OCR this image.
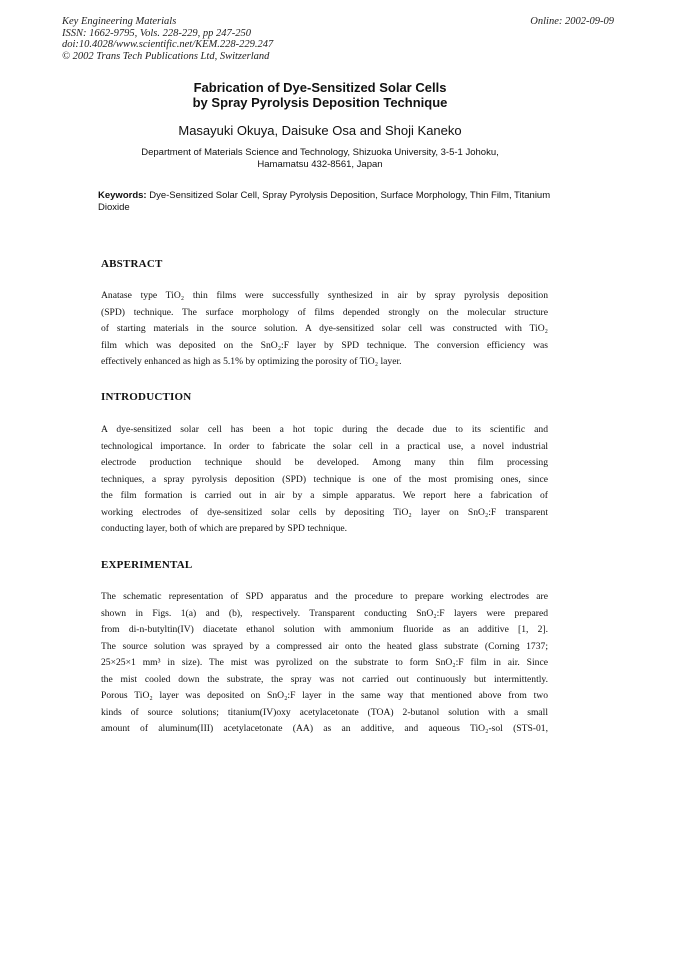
Key Engineering Materials
ISSN: 1662-9795, Vols. 228-229, pp 247-250
doi:10.4028/www.scientific.net/KEM.228-229.247
© 2002 Trans Tech Publications Ltd, Switzerland
Online: 2002-09-09
Fabrication of Dye-Sensitized Solar Cells
by Spray Pyrolysis Deposition Technique
Masayuki Okuya, Daisuke Osa and Shoji Kaneko
Department of Materials Science and Technology, Shizuoka University, 3-5-1 Johoku,
Hamamatsu 432-8561, Japan
Keywords: Dye-Sensitized Solar Cell, Spray Pyrolysis Deposition, Surface Morphology, Thin Film, Titanium Dioxide
ABSTRACT
Anatase type TiO₂ thin films were successfully synthesized in air by spray pyrolysis deposition
(SPD) technique. The surface morphology of films depended strongly on the molecular structure
of starting materials in the source solution. A dye-sensitized solar cell was constructed with TiO₂
film which was deposited on the SnO₂:F layer by SPD technique. The conversion efficiency was
effectively enhanced as high as 5.1% by optimizing the porosity of TiO₂ layer.
INTRODUCTION
A dye-sensitized solar cell has been a hot topic during the decade due to its scientific and
technological importance. In order to fabricate the solar cell in a practical use, a novel industrial
electrode production technique should be developed. Among many thin film processing
techniques, a spray pyrolysis deposition (SPD) technique is one of the most promising ones, since
the film formation is carried out in air by a simple apparatus. We report here a fabrication of
working electrodes of dye-sensitized solar cells by depositing TiO₂ layer on SnO₂:F transparent
conducting layer, both of which are prepared by SPD technique.
EXPERIMENTAL
The schematic representation of SPD apparatus and the procedure to prepare working electrodes are
shown in Figs. 1(a) and (b), respectively. Transparent conducting SnO₂:F layers were prepared
from di-n-butyltin(IV) diacetate ethanol solution with ammonium fluoride as an additive [1, 2].
The source solution was sprayed by a compressed air onto the heated glass substrate (Corning 1737;
25×25×1 mm³ in size). The mist was pyrolized on the substrate to form SnO₂:F film in air. Since
the mist cooled down the substrate, the spray was not carried out continuously but intermittently.
Porous TiO₂ layer was deposited on SnO₂:F layer in the same way that mentioned above from two
kinds of source solutions; titanium(IV)oxy acetylacetonate (TOA) 2-butanol solution with a small
amount of aluminum(III) acetylacetonate (AA) as an additive, and aqueous TiO₂-sol (STS-01,
